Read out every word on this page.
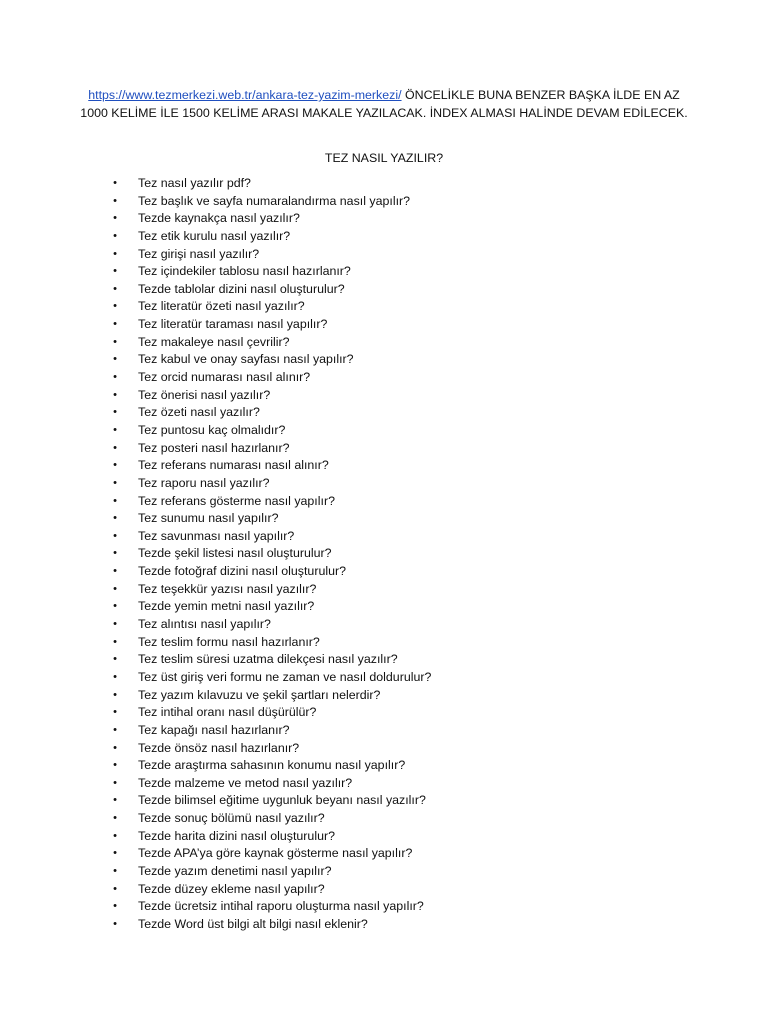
https://www.tezmerkezi.web.tr/ankara-tez-yazim-merkezi/ ÖNCELİKLE BUNA BENZER BAŞKA İLDE EN AZ 1000 KELİME İLE 1500 KELİME ARASI MAKALE YAZILACAK. İNDEX ALMASI HALİNDE DEVAM EDİLECEK.

TEZ NASIL YAZILIR?

• Tez nasıl yazılır pdf?
• Tez başlık ve sayfa numaralandırma nasıl yapılır?
• Tezde kaynakça nasıl yazılır?
• Tez etik kurulu nasıl yazılır?
• Tez girişi nasıl yazılır?
• Tez içindekiler tablosu nasıl hazırlanır?
• Tezde tablolar dizini nasıl oluşturulur?
• Tez literatür özeti nasıl yazılır?
• Tez literatür taraması nasıl yapılır?
• Tez makaleye nasıl çevrilir?
• Tez kabul ve onay sayfası nasıl yapılır?
• Tez orcid numarası nasıl alınır?
• Tez önerisi nasıl yazılır?
• Tez özeti nasıl yazılır?
• Tez puntosu kaç olmalıdır?
• Tez posteri nasıl hazırlanır?
• Tez referans numarası nasıl alınır?
• Tez raporu nasıl yazılır?
• Tez referans gösterme nasıl yapılır?
• Tez sunumu nasıl yapılır?
• Tez savunması nasıl yapılır?
• Tezde şekil listesi nasıl oluşturulur?
• Tezde fotoğraf dizini nasıl oluşturulur?
• Tez teşekkür yazısı nasıl yazılır?
• Tezde yemin metni nasıl yazılır?
• Tez alıntısı nasıl yapılır?
• Tez teslim formu nasıl hazırlanır?
• Tez teslim süresi uzatma dilekçesi nasıl yazılır?
• Tez üst giriş veri formu ne zaman ve nasıl doldurulur?
• Tez yazım kılavuzu ve şekil şartları nelerdir?
• Tez intihal oranı nasıl düşürülür?
• Tez kapağı nasıl hazırlanır?
• Tezde önsöz nasıl hazırlanır?
• Tezde araştırma sahasının konumu nasıl yapılır?
• Tezde malzeme ve metod nasıl yazılır?
• Tezde bilimsel eğitime uygunluk beyanı nasıl yazılır?
• Tezde sonuç bölümü nasıl yazılır?
• Tezde harita dizini nasıl oluşturulur?
• Tezde APA’ya göre kaynak gösterme nasıl yapılır?
• Tezde yazım denetimi nasıl yapılır?
• Tezde düzey ekleme nasıl yapılır?
• Tezde ücretsiz intihal raporu oluşturma nasıl yapılır?
• Tezde Word üst bilgi alt bilgi nasıl eklenir?
